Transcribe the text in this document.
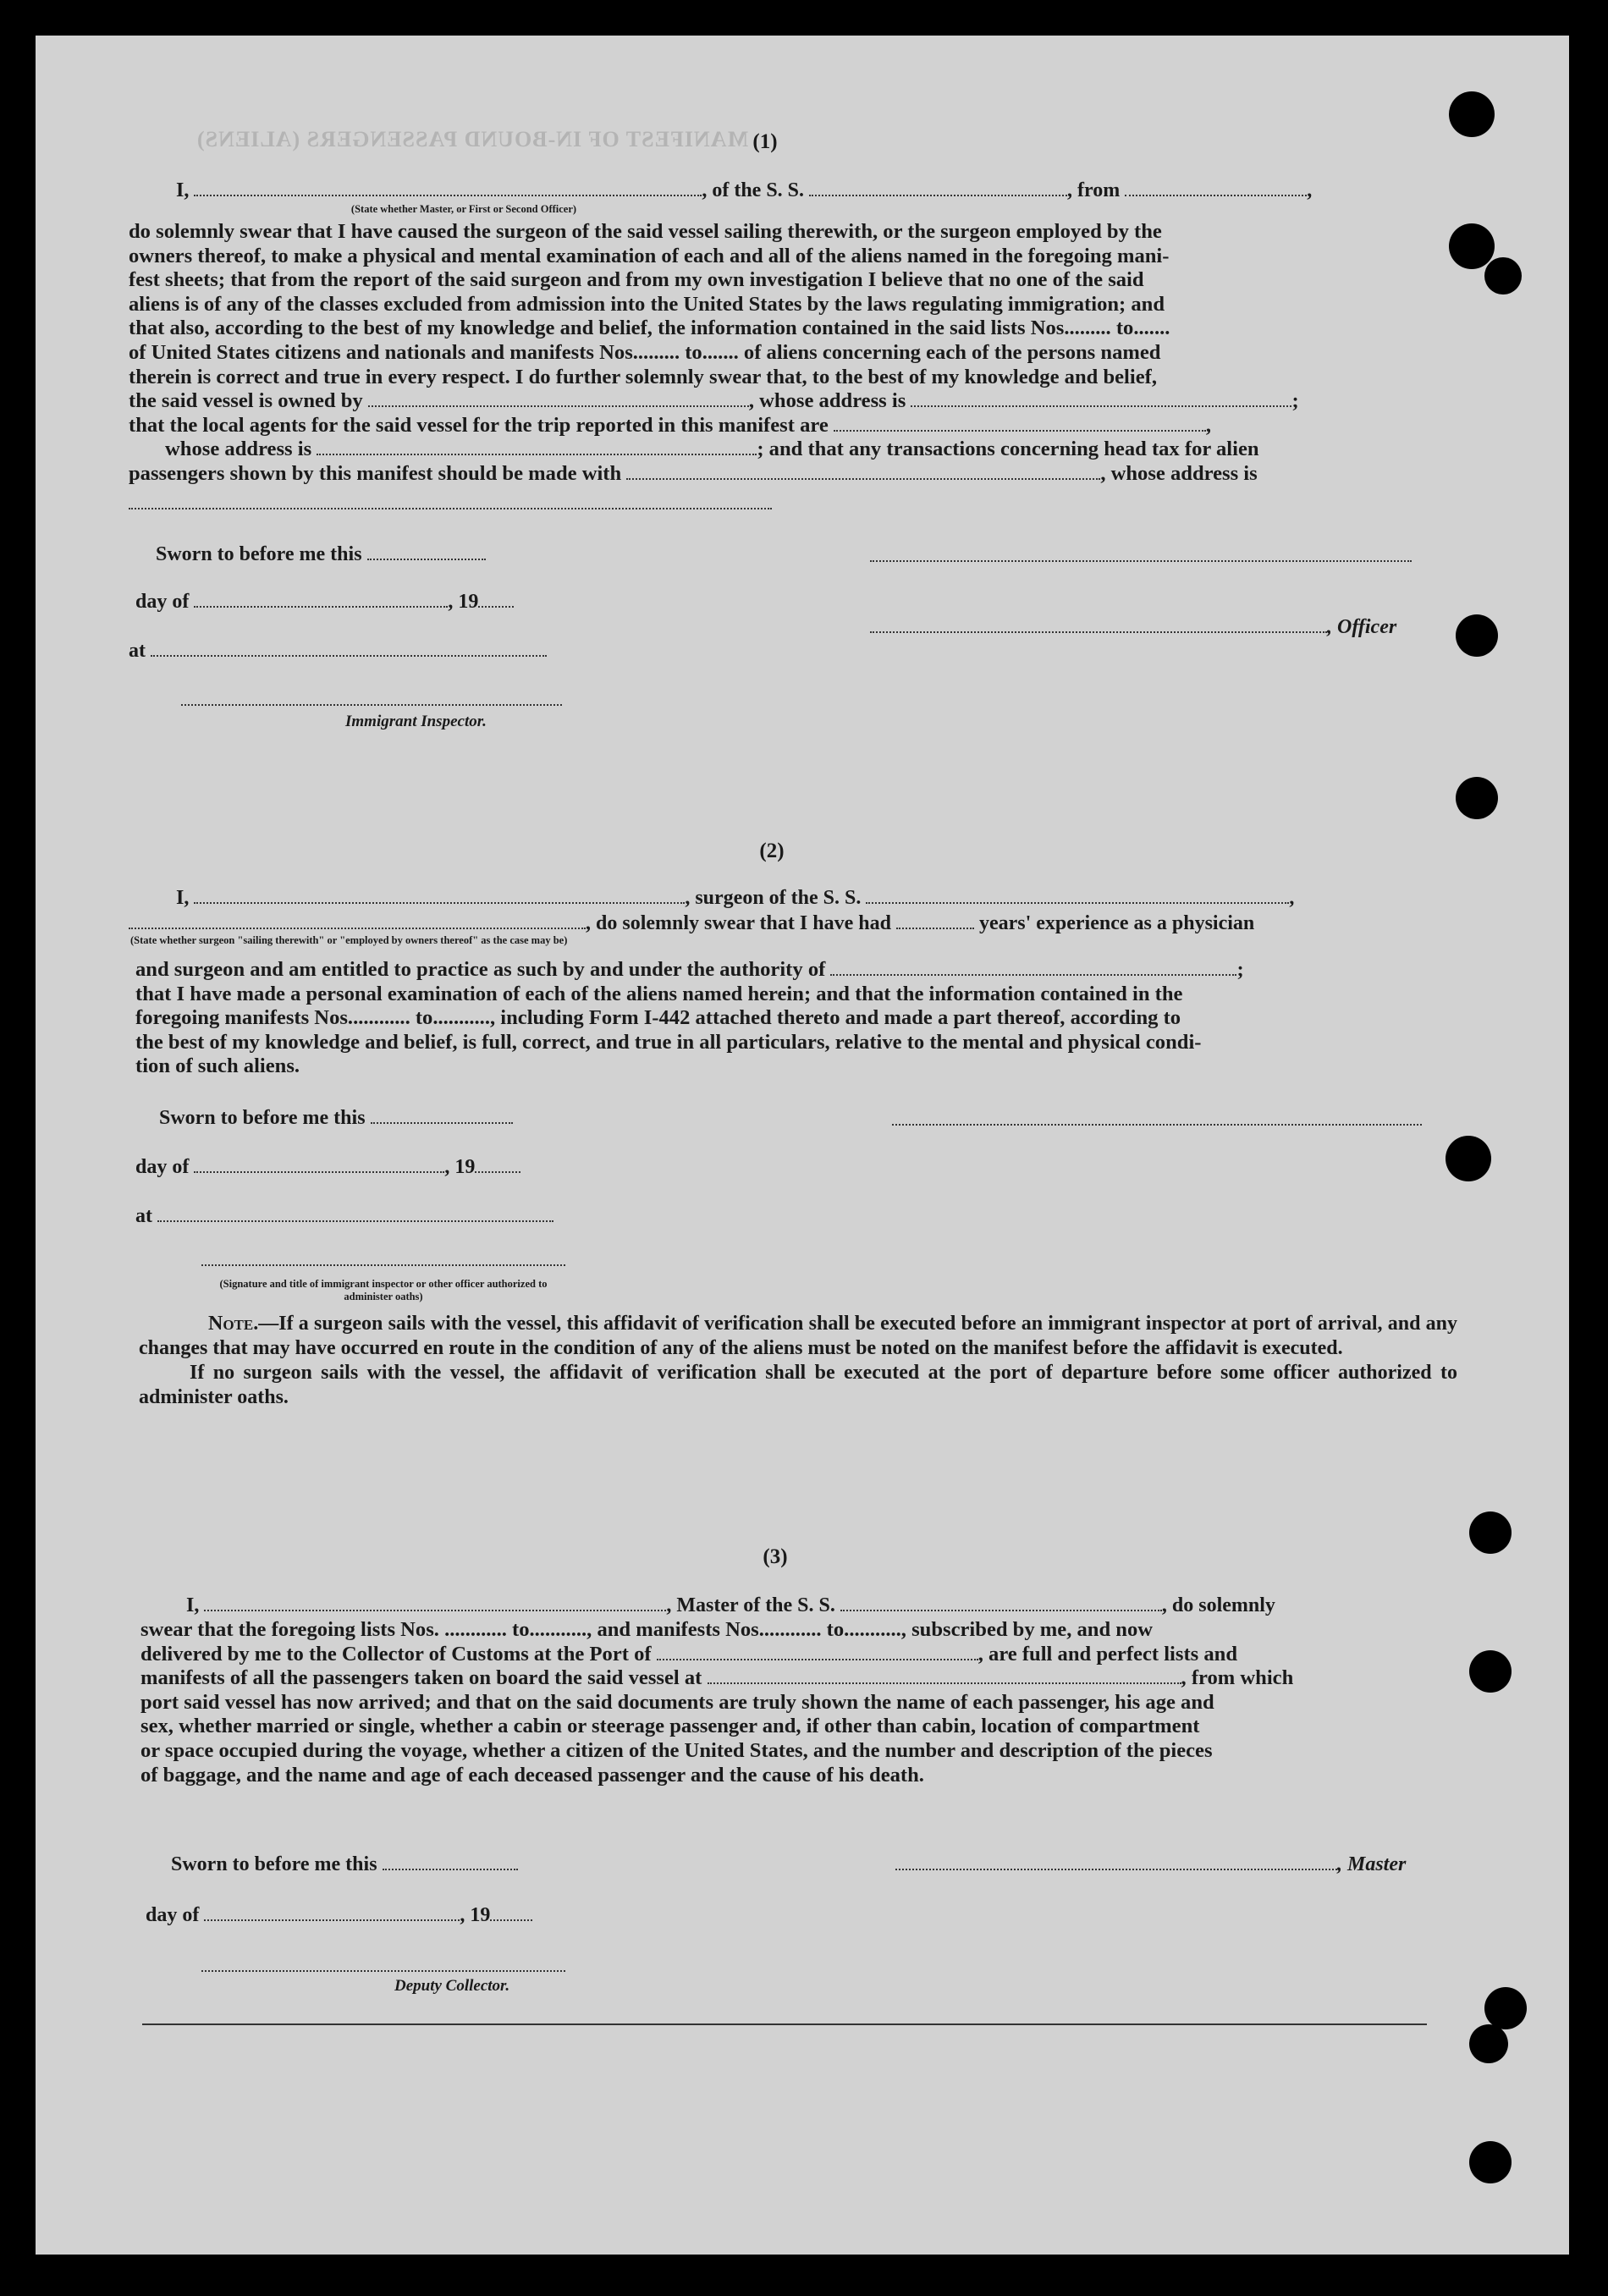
MANIFEST OF IN-BOUND PASSENGERS (ALIENS) (1)
I,	, of the S. S.	, from	,
(State whether Master, or First or Second Officer)
do solemnly swear that I have caused the surgeon of the said vessel sailing therewith, or the surgeon employed by the
owners thereof, to make a physical and mental examination of each and all of the aliens named in the foregoing mani-
fest sheets; that from the report of the said surgeon and from my own investigation I believe that no one of the said
aliens is of any of the classes excluded from admission into the United States by the laws regulating immigration; and
that also, according to the best of my knowledge and belief, the information contained in the said lists Nos......... to.......
of United States citizens and nationals and manifests Nos......... to....... of aliens concerning each of the persons named
therein is correct and true in every respect. I do further solemnly swear that, to the best of my knowledge and belief,
the said vessel is owned by	, whose address is	;
that the local agents for the said vessel for the trip reported in this manifest are	,
whose address is	; and that any transactions concerning head tax for alien
passengers shown by this manifest should be made with	, whose address is
Sworn to before me this
day of	, 19
, Officer
at
Immigrant Inspector.
(2)
I,	, surgeon of the S. S.	,
, do solemnly swear that I have had	years' experience as a physician
(State whether surgeon "sailing therewith" or "employed by owners thereof" as the case may be)
and surgeon and am entitled to practice as such by and under the authority of	;
that I have made a personal examination of each of the aliens named herein; and that the information contained in the
foregoing manifests Nos............ to..........., including Form I-442 attached thereto and made a part thereof, according to
the best of my knowledge and belief, is full, correct, and true in all particulars, relative to the mental and physical condi-
tion of such aliens.
Sworn to before me this
day of	, 19
at
(Signature and title of immigrant inspector or other officer authorized to administer oaths)
Note.—If a surgeon sails with the vessel, this affidavit of verification shall be executed before an immigrant inspector at port of arrival, and any changes that may have occurred en route in the condition of any of the aliens must be noted on the manifest before the affidavit is executed.
If no surgeon sails with the vessel, the affidavit of verification shall be executed at the port of departure before some officer authorized to administer oaths.
(3)
I,	, Master of the S. S.	, do solemnly
swear that the foregoing lists Nos. ............ to..........., and manifests Nos............ to..........., subscribed by me, and now
delivered by me to the Collector of Customs at the Port of	, are full and perfect lists and
manifests of all the passengers taken on board the said vessel at	, from which
port said vessel has now arrived; and that on the said documents are truly shown the name of each passenger, his age and
sex, whether married or single, whether a cabin or steerage passenger and, if other than cabin, location of compartment
or space occupied during the voyage, whether a citizen of the United States, and the number and description of the pieces
of baggage, and the name and age of each deceased passenger and the cause of his death.
Sworn to before me this	, Master
day of	, 19
Deputy Collector.
